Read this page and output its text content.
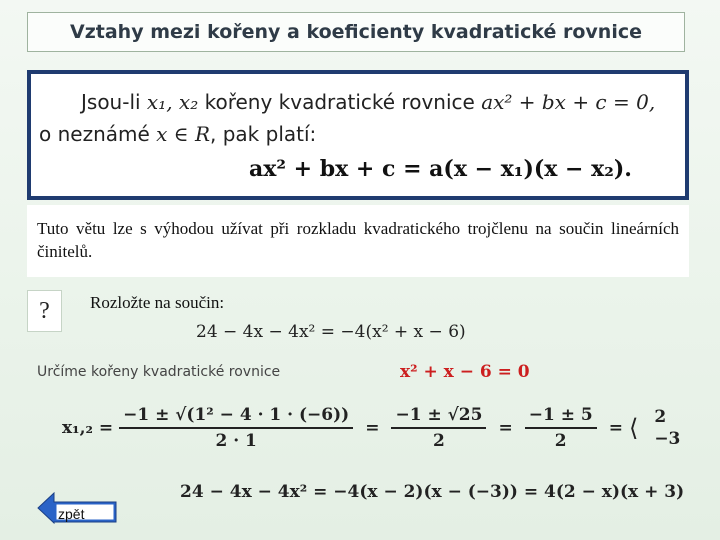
Vztahy mezi kořeny a koeficienty kvadratické rovnice
Jsou-li x₁, x₂ kořeny kvadratické rovnice ax² + bx + c = 0,
o neznámé x ∈ R, pak platí:
ax² + bx + c = a(x − x₁)(x − x₂).
Tuto větu lze s výhodou užívat při rozkladu kvadratického trojčlenu na součin lineárních činitelů.
? Rozložte na součin:
24 − 4x − 4x² = −4(x² + x − 6)
Určíme kořeny kvadratické rovnice	x² + x − 6 = 0
$x_1,_2 = \frac{\text{−1 ± √(1² − 4 · 1 · (−6))}}{2 \cdot 1} = \frac{-1 \pm √25}{2} = \frac{-1 \pm 5}{2}$ = ⟨ 2
−3
24 − 4x − 4x² = −4(x − 2)(x − (−3)) = 4(2 − x)(x + 3)
zpět
